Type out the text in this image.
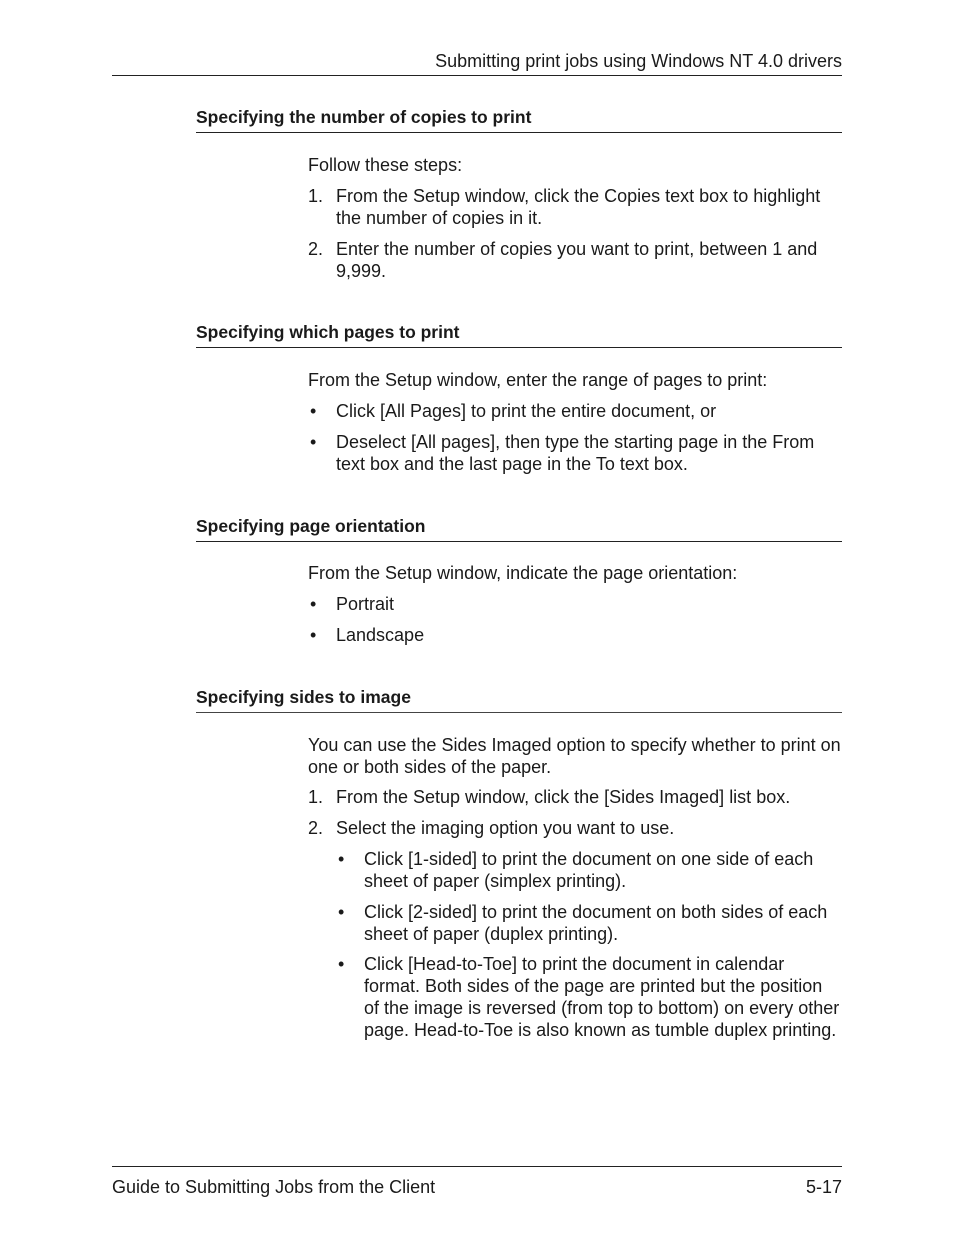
Submitting print jobs using Windows NT 4.0 drivers
Specifying the number of copies to print
Follow these steps:
1. From the Setup window, click the Copies text box to highlight the number of copies in it.
2. Enter the number of copies you want to print, between 1 and 9,999.
Specifying which pages to print
From the Setup window, enter the range of pages to print:
•	Click [All Pages] to print the entire document, or
•	Deselect [All pages], then type the starting page in the From text box and the last page in the To text box.
Specifying page orientation
From the Setup window, indicate the page orientation:
•	Portrait
•	Landscape
Specifying sides to image
You can use the Sides Imaged option to specify whether to print on one or both sides of the paper.
1. From the Setup window, click the [Sides Imaged] list box.
2. Select the imaging option you want to use.
•	Click [1-sided] to print the document on one side of each sheet of paper (simplex printing).
•	Click [2-sided] to print the document on both sides of each sheet of paper (duplex printing).
•	Click [Head-to-Toe] to print the document in calendar format. Both sides of the page are printed but the position of the image is reversed (from top to bottom) on every other page. Head-to-Toe is also known as tumble duplex printing.
Guide to Submitting Jobs from the Client	5-17
